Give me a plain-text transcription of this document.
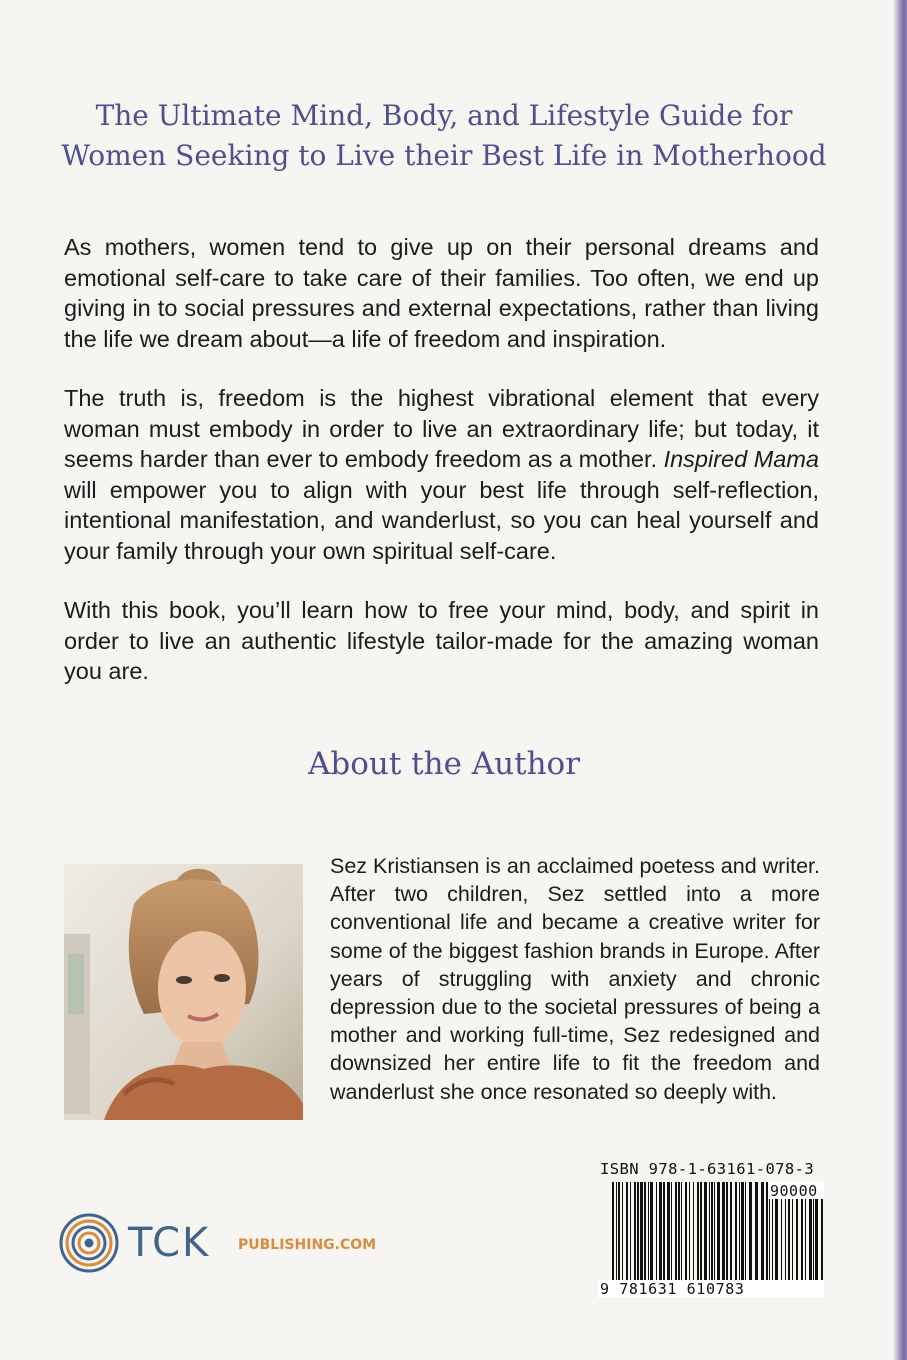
The Ultimate Mind, Body, and Lifestyle Guide for
Women Seeking to Live their Best Life in Motherhood
As mothers, women tend to give up on their personal dreams and emotional self-care to take care of their families. Too often, we end up giving in to social pressures and external expectations, rather than living the life we dream about—a life of freedom and inspiration.
The truth is, freedom is the highest vibrational element that every woman must embody in order to live an extraordinary life; but today, it seems harder than ever to embody freedom as a mother. Inspired Mama will empower you to align with your best life through self-reflection, intentional manifestation, and wanderlust, so you can heal yourself and your family through your own spiritual self-care.
With this book, you’ll learn how to free your mind, body, and spirit in order to live an authentic lifestyle tailor-made for the amazing woman you are.
About the Author
Sez Kristiansen is an acclaimed poetess and writer. After two children, Sez settled into a more conventional life and became a creative writer for some of the biggest fashion brands in Europe. After years of struggling with anxiety and chronic depression due to the societal pressures of being a mother and working full-time, Sez redesigned and downsized her entire life to fit the freedom and wanderlust she once resonated so deeply with.
ISBN 978-1-63161-078-3
90000
9 781631 610783
TCK PUBLISHING.COM
